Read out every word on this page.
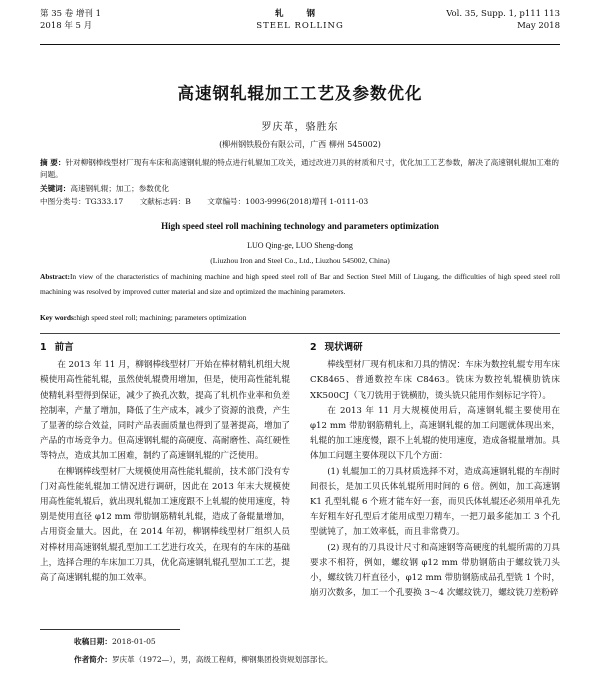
第 35 卷 增刊 1
2018 年 5 月
轧 钢
STEEL ROLLING
Vol. 35, Supp. 1, p111 113
May 2018
高速钢轧辊加工工艺及参数优化
罗庆革，骆胜东
(柳州钢铁股份有限公司，广西 柳州 545002)
摘 要：针对柳钢棒线型材厂现有车床和高速钢轧辊的特点进行轧辊加工攻关，通过改进刀具的材质和尺寸，优化加工工艺参数，解决了高速钢轧辊加工难的问题。
关键词：高速钢轧辊；加工；参数优化
中图分类号：TG333.17 文献标志码：B 文章编号：1003-9996(2018)增刊 1-0111-03
High speed steel roll machining technology and parameters optimization
LUO Qing-ge, LUO Sheng-dong
(Liuzhou Iron and Steel Co., Ltd., Liuzhou 545002, China)
Abstract:In view of the characteristics of machining machine and high speed steel roll of Bar and Section Steel Mill of Liugang, the difficulties of high speed steel roll machining was resolved by improved cutter material and size and optimized the machining parameters.
Key words:high speed steel roll; machining; parameters optimization
1 前言

在 2013 年 11 月，柳钢棒线型材厂开始在棒材精轧机组大规模使用高性能轧辊，虽然使轧辊费用增加，但是，使用高性能轧辊使精轧料型得到保证，减少了换孔次数，提高了轧机作业率和负差控制率，产量了增加，降低了生产成本，减少了资源的浪费，产生了显著的综合效益，同时产品表面质量也得到了显著提高，增加了产品的市场竞争力。但高速钢轧辊的高硬度、高耐磨性、高红硬性等特点，造成其加工困难，制约了高速钢轧辊的广泛使用。

在柳钢棒线型材厂大规模使用高性能轧辊前，技术部门没有专门对高性能轧辊加工情况进行调研，因此在 2013 年末大规模使用高性能轧辊后，就出现轧辊加工速度跟不上轧辊的使用速度，特别是使用直径 φ12 mm 带肋钢筋精轧轧辊，造成了备辊量增加，占用资金量大。因此，在 2014 年初，柳钢棒线型材厂组织人员对棒材用高速钢轧辊孔型加工工艺进行攻关，在现有的车床的基础上，选择合理的车床加工刀具，优化高速钢轧辊孔型加工工艺，提高了高速钢轧辊的加工效率。

2 现状调研

棒线型材厂现有机床和刀具的情况：车床为数控轧辊专用车床 CK8465、普通数控车床 C8463。铣床为数控轧辊横肋铣床 XK500CJ（飞刀铣用于铣横肋，烫头铣只能用作刻标记字符）。

在 2013 年 11 月大规模使用后，高速钢轧辊主要使用在 φ12 mm 带肋钢筋精轧上，高速钢轧辊的加工问题就体现出来，轧辊的加工速度慢，跟不上轧辊的使用速度，造成备辊量增加。具体加工问题主要体现以下几个方面：

(1) 轧辊加工的刀具材质选择不对，造成高速钢轧辊的车削时间很长，是加工贝氏体轧辊所用时间的 6 倍。例如，加工高速钢 K1 孔型轧辊 6 个班才能车好一套，而贝氏体轧辊还必须用单孔先车好粗车好孔型后才能用成型刀精车，一把刀最多能加工 3 个孔型就钝了，加工效率低，而且非常费刀。

(2) 现有的刀具设计尺寸和高速钢等高硬度的轧辊所需的刀具要求不相符，例如，螺纹钢 φ12 mm 带肋钢筋由于螺纹铣刀头小，螺纹铣刀杆直径小，φ12 mm 带肋钢筋成品孔型铣 1 个时，崩刃次数多，加工一个孔要换 3～4 次螺纹铣刀，螺纹铣刀差粉碎

收稿日期：2018-01-05
作者简介：罗庆革（1972—），男，高级工程师，柳钢集团投资规划部部长。
